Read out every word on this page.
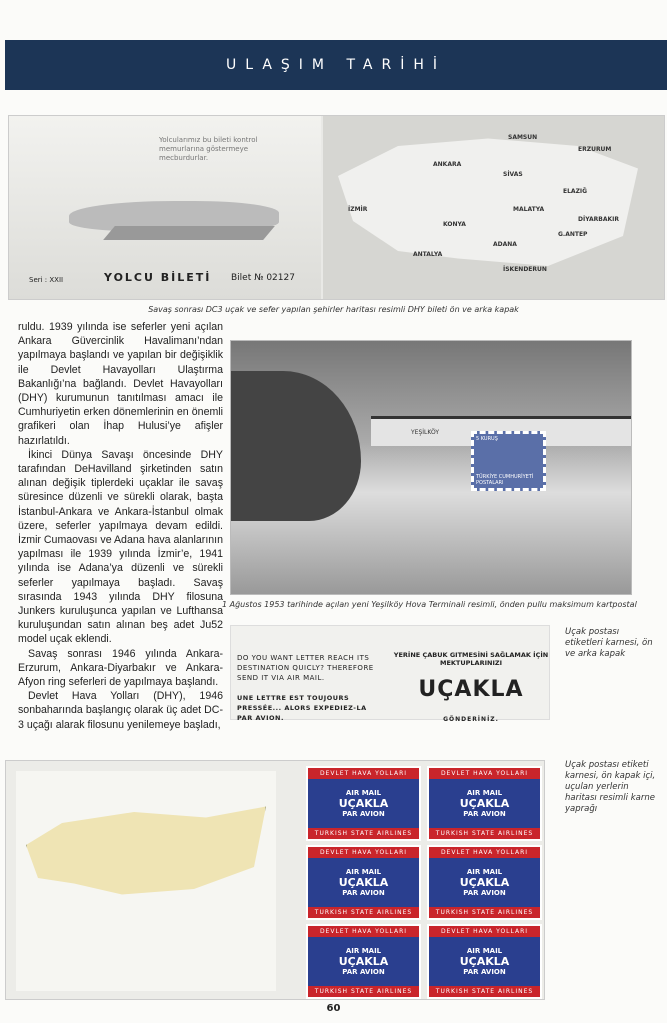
ULAŞIM TARİHİ
Yolcularımız bu bileti kontrol memurlarına göstermeye mecburdurlar.
Seri : XXII	YOLCU BİLETİ Bilet № 02127
ANKARA
İZMİR
SAMSUN
ERZURUM
SİVAS
ELAZIĞ
MALATYA
ADANA
KONYA
ANTALYA
G.ANTEP
DİYARBAKIR
İSKENDERUN
Savaş sonrası DC3 uçak ve sefer yapılan şehirler haritası resimli DHY bileti ön ve arka kapak

ruldu. 1939 yılında ise seferler yeni açılan Ankara Güvercinlik Havalimanı’ndan yapılmaya başlandı ve yapılan bir değişiklik ile Devlet Havayolları Ulaştırma Bakanlığı’na bağlandı. Devlet Havayolları (DHY) kurumunun tanıtılması amacı ile Cumhuriyetin erken dönemlerinin en önemli grafikeri olan İhap Hulusi’ye afişler hazırlatıldı.

İkinci Dünya Savaşı öncesinde DHY tarafından DeHavilland şirketinden satın alınan değişik tiplerdeki uçaklar ile savaş süresince düzenli ve sürekli olarak, başta İstanbul-Ankara ve Ankara-İstanbul olmak üzere, seferler yapılmaya devam edildi. İzmir Cumaovası ve Adana hava alanlarının yapılması ile 1939 yılında İzmir’e, 1941 yılında ise Adana’ya düzenli ve sürekli seferler yapılmaya başladı. Savaş sırasında 1943 yılında DHY filosuna Junkers kuruluşunca yapılan ve Lufthansa kuruluşundan satın alınan beş adet Ju52 model uçak eklendi.

Savaş sonrası 1946 yılında Ankara-Erzurum, Ankara-Diyarbakır ve Ankara-Afyon ring seferleri de yapılmaya başlandı.

Devlet Hava Yolları (DHY), 1946 sonbaharında başlangıç olarak üç adet DC-3 uçağı alarak filosunu yenilemeye başladı,

YEŞİLKÖY
5 KURUŞ
TÜRKİYE CUMHURİYETİ POSTALARI
1 Ağustos 1953 tarihinde açılan yeni Yeşilköy Hova Terminali resimli, önden pullu maksimum kartpostal
DO YOU WANT LETTER REACH ITS DESTINATION QUICLY? THEREFORE SEND IT VIA AIR MAIL.
UNE LETTRE EST TOUJOURS PRESSÉE... ALORS EXPEDIEZ-LA PAR AVION.
YERİNE ÇABUK GITMESİNİ SAĞLAMAK İÇİN MEKTUPLARINIZI
UÇAKLA GÖNDERİNİZ.
Uçak postası etiketleri karnesi, ön ve arka kapak
DEVLET HAVA YOLLARI
AIR MAIL
UÇAKLA
PAR AVION
TURKISH STATE AIRLINES
DEVLET HAVA YOLLARI
AIR MAIL
UÇAKLA
PAR AVION
TURKISH STATE AIRLINES
DEVLET HAVA YOLLARI
AIR MAIL
UÇAKLA
PAR AVION
TURKISH STATE AIRLINES
DEVLET HAVA YOLLARI
AIR MAIL
UÇAKLA
PAR AVION
TURKISH STATE AIRLINES
DEVLET HAVA YOLLARI
AIR MAIL
UÇAKLA
PAR AVION
TURKISH STATE AIRLINES
DEVLET HAVA YOLLARI
AIR MAIL
UÇAKLA
PAR AVION
TURKISH STATE AIRLINES
Uçak postası etiketi karnesi, ön kapak içi, uçulan yerlerin haritası resimli karne yaprağı
60
